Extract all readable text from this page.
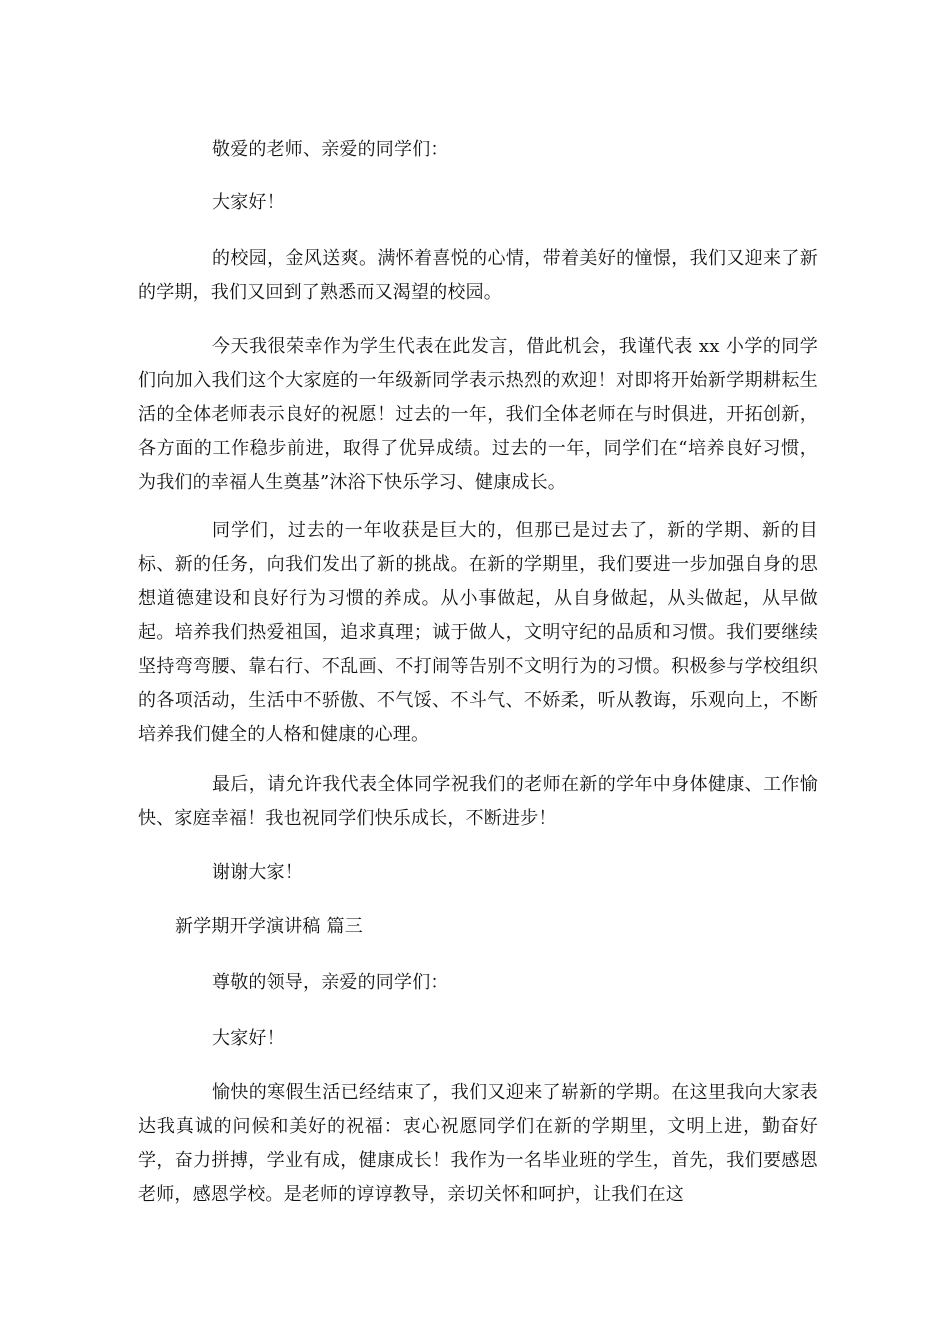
敬爱的老师、亲爱的同学们：

大家好！

的校园，金风送爽。满怀着喜悦的心情，带着美好的憧憬，我们又迎来了新的学期，我们又回到了熟悉而又渴望的校园。

今天我很荣幸作为学生代表在此发言，借此机会，我谨代表 xx 小学的同学们向加入我们这个大家庭的一年级新同学表示热烈的欢迎！对即将开始新学期耕耘生活的全体老师表示良好的祝愿！过去的一年，我们全体老师在与时俱进，开拓创新，各方面的工作稳步前进，取得了优异成绩。过去的一年，同学们在“培养良好习惯，为我们的幸福人生奠基”沐浴下快乐学习、健康成长。

同学们，过去的一年收获是巨大的，但那已是过去了，新的学期、新的目标、新的任务，向我们发出了新的挑战。在新的学期里，我们要进一步加强自身的思想道德建设和良好行为习惯的养成。从小事做起，从自身做起，从头做起，从早做起。培养我们热爱祖国，追求真理；诚于做人，文明守纪的品质和习惯。我们要继续坚持弯弯腰、靠右行、不乱画、不打闹等告别不文明行为的习惯。积极参与学校组织的各项活动，生活中不骄傲、不气馁、不斗气、不娇柔，听从教诲，乐观向上，不断培养我们健全的人格和健康的心理。

最后，请允许我代表全体同学祝我们的老师在新的学年中身体健康、工作愉快、家庭幸福！我也祝同学们快乐成长，不断进步！

谢谢大家！

新学期开学演讲稿 篇三

尊敬的领导，亲爱的同学们：

大家好！

愉快的寒假生活已经结束了，我们又迎来了崭新的学期。在这里我向大家表达我真诚的问候和美好的祝福：衷心祝愿同学们在新的学期里，文明上进，勤奋好学，奋力拼搏，学业有成，健康成长！我作为一名毕业班的学生，首先，我们要感恩老师，感恩学校。是老师的谆谆教导，亲切关怀和呵护，让我们在这
